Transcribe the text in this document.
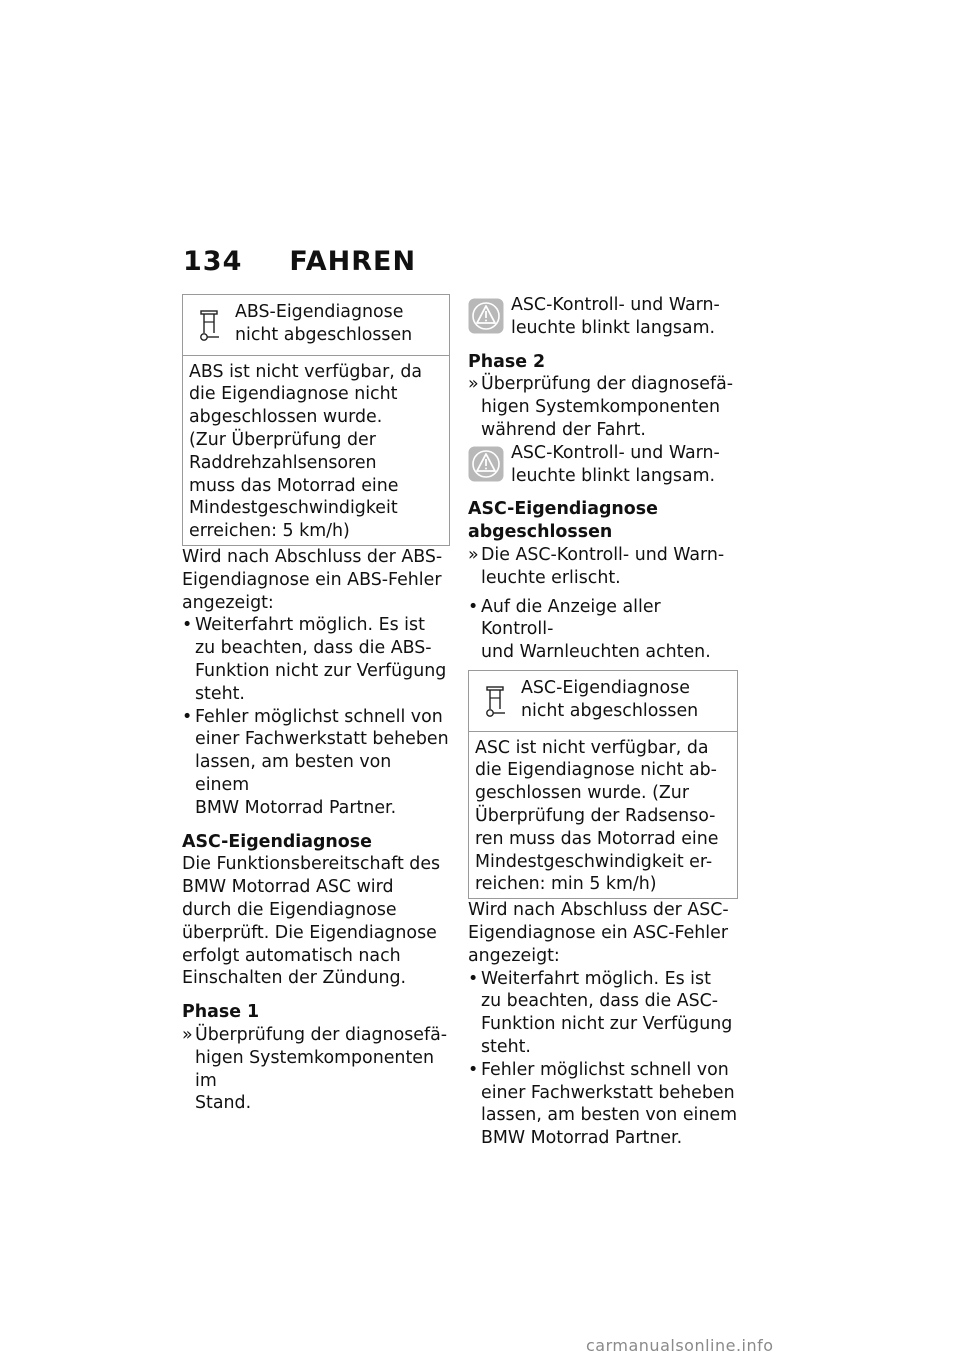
134 FAHREN
ABS-Eigendiagnose
nicht abgeschlossen
ABS ist nicht verfügbar, da
die Eigendiagnose nicht
abgeschlossen wurde.
(Zur Überprüfung der
Raddrehzahlsensoren
muss das Motorrad eine
Mindestgeschwindigkeit
erreichen: 5 km/h)
Wird nach Abschluss der ABS-
Eigendiagnose ein ABS-Fehler
angezeigt:
• Weiterfahrt möglich. Es ist
zu beachten, dass die ABS-
Funktion nicht zur Verfügung
steht.
• Fehler möglichst schnell von
einer Fachwerkstatt beheben
lassen, am besten von einem
BMW Motorrad Partner.

ASC-Eigendiagnose

Die Funktionsbereitschaft des
BMW Motorrad ASC wird
durch die Eigendiagnose
überprüft. Die Eigendiagnose
erfolgt automatisch nach
Einschalten der Zündung.

Phase 1

» Überprüfung der diagnosefä-
higen Systemkomponenten im
Stand.
ASC-Kontroll- und Warn-
leuchte blinkt langsam.

Phase 2

» Überprüfung der diagnosefä-
higen Systemkomponenten
während der Fahrt.
ASC-Kontroll- und Warn-
leuchte blinkt langsam.
ASC-Eigendiagnose
abgeschlossen
» Die ASC-Kontroll- und Warn-
leuchte erlischt.
• Auf die Anzeige aller Kontroll-
und Warnleuchten achten.
ASC-Eigendiagnose
nicht abgeschlossen
ASC ist nicht verfügbar, da
die Eigendiagnose nicht ab-
geschlossen wurde. (Zur
Überprüfung der Radsenso-
ren muss das Motorrad eine
Mindestgeschwindigkeit er-
reichen: min 5 km/h)
Wird nach Abschluss der ASC-
Eigendiagnose ein ASC-Fehler
angezeigt:
• Weiterfahrt möglich. Es ist
zu beachten, dass die ASC-
Funktion nicht zur Verfügung
steht.
• Fehler möglichst schnell von
einer Fachwerkstatt beheben
lassen, am besten von einem
BMW Motorrad Partner.
carmanualsonline.info
